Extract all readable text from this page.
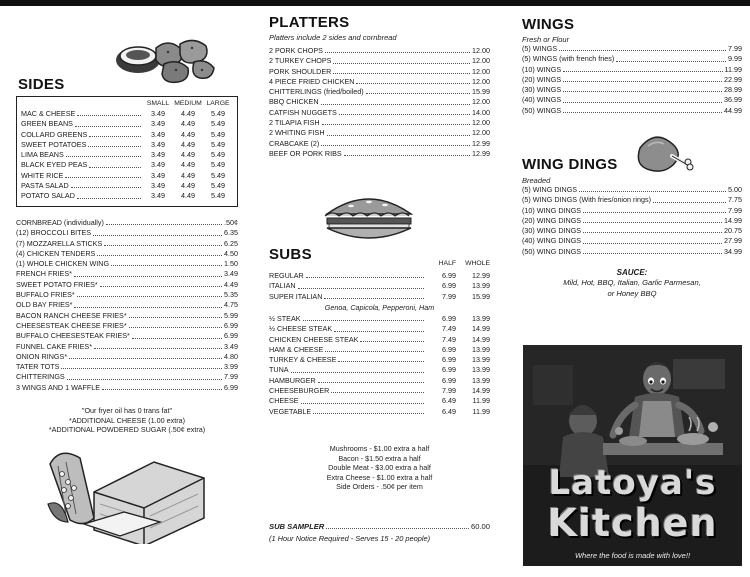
SIDES
SMALL MEDIUM LARGE
MAC & CHEESE	3.49	4.49	5.49
GREEN BEANS	3.49	4.49	5.49
COLLARD GREENS	3.49	4.49	5.49
SWEET POTATOES	3.49	4.49	5.49
LIMA BEANS	3.49	4.49	5.49
BLACK EYED PEAS	3.49	4.49	5.49
WHITE RICE	3.49	4.49	5.49
PASTA SALAD	3.49	4.49	5.49
POTATO SALAD	3.49	4.49	5.49
CORNBREAD (individually)	.50¢
(12) BROCCOLI BITES	6.35
(7) MOZZARELLA STICKS	6.25
(4) CHICKEN TENDERS	4.50
(1) WHOLE CHICKEN WING	1.50
FRENCH FRIES*	3.49
SWEET POTATO FRIES*	4.49
BUFFALO FRIES*	5.35
OLD BAY FRIES*	4.75
BACON RANCH CHEESE FRIES*	5.99
CHEESESTEAK CHEESE FRIES*	6.99
BUFFALO CHEESESTEAK FRIES*	6.99
FUNNEL CAKE FRIES*	3.49
ONION RINGS*	4.80
TATER TOTS	3.99
CHITTERINGS	7.99
3 WINGS AND 1 WAFFLE	6.99
"Our fryer oil has 0 trans fat"
*ADDITIONAL CHEESE (1.00 extra)
*ADDITIONAL POWDERED SUGAR (.50¢ extra)
PLATTERS
Platters include 2 sides and cornbread
2 PORK CHOPS	12.00
2 TURKEY CHOPS	12.00
PORK SHOULDER	12.00
4 PIECE FRIED CHICKEN	12.00
CHITTERLINGS (fried/boiled)	15.99
BBQ CHICKEN	12.00
CATFISH NUGGETS	14.00
2 TILAPIA FISH	12.00
2 WHITING FISH	12.00
CRABCAKE (2)	12.99
BEEF OR PORK RIBS	12.99
SUBS
HALF	WHOLE
REGULAR	6.99	12.99
ITALIAN	6.99	13.99
SUPER ITALIAN	7.99	15.99
Genoa, Capicola, Pepperoni, Ham
½ STEAK	6.99	13.99
½ CHEESE STEAK	7.49	14.99
CHICKEN CHEESE STEAK	7.49	14.99
HAM & CHEESE	6.99	13.99
TURKEY & CHEESE	6.99	13.99
TUNA	6.99	13.99
HAMBURGER	6.99	13.99
CHEESEBURGER	7.99	14.99
CHEESE	6.49	11.99
VEGETABLE	6.49	11.99
Mushrooms - $1.00 extra a half
Bacon - $1.50 extra a half
Double Meat - $3.00 extra a half
Extra Cheese - $1.00 extra a half
Side Orders - .50¢ per item
SUB SAMPLER	60.00
(1 Hour Notice Required - Serves 15 - 20 people)
WINGS
Fresh or Flour
(5) WINGS	7.99
(5) WINGS (with french fries)	9.99
(10) WINGS	11.99
(20) WINGS	22.99
(30) WINGS	28.99
(40) WINGS	36.99
(50) WINGS	44.99
WING DINGS
Breaded
(5) WING DINGS	5.00
(5) WING DINGS (With fries/onion rings)	7.75
(10) WING DINGS	7.99
(20) WING DINGS	14.99
(30) WING DINGS	20.75
(40) WING DINGS	27.99
(50) WING DINGS	34.99
SAUCE:
Mild, Hot, BBQ, Italian, Garlic Parmesan,
or Honey BBQ
Latoya's
Kitchen
Where the food is made with love!!
